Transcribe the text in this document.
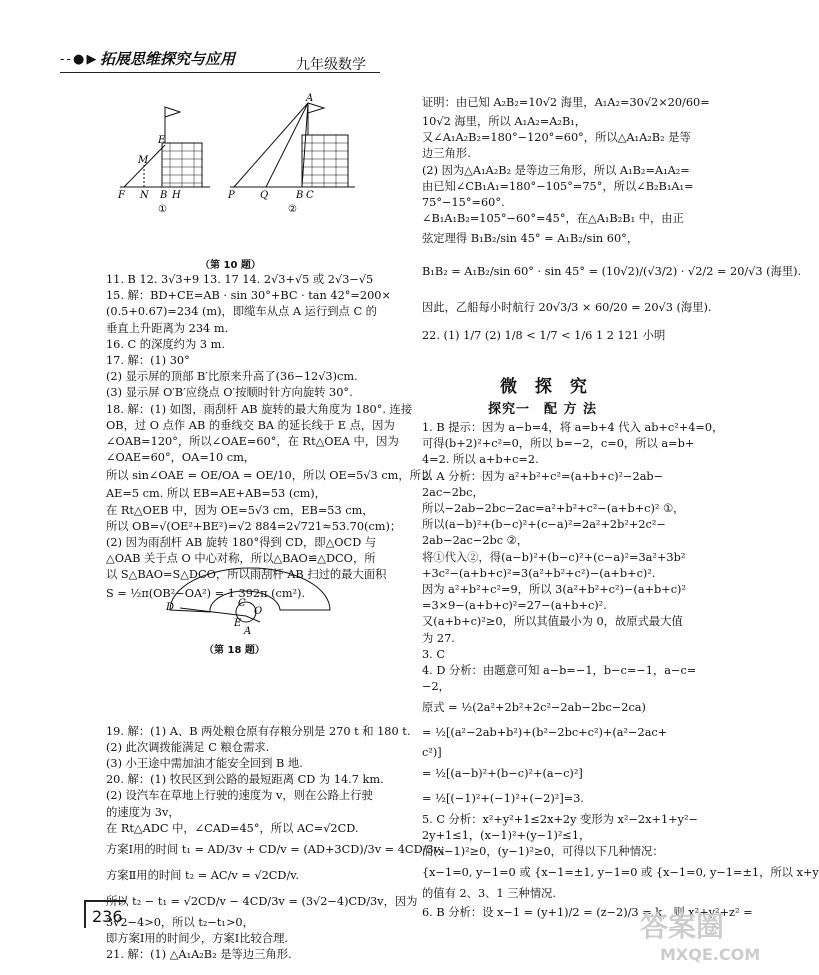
- - ● ▶ 拓展思维探究与应用	九年级数学
E
M
F N B H
①
A
P	Q	B C
②
（第 10 题）

11. B 12. 3√3+9 13. 17 14. 2√3+√5 或 2√3−√5

15. 解：BD+CE=AB · sin 30°+BC · tan 42°=200×

(0.5+0.67)=234 (m)，即缆车从点 A 运行到点 C 的

垂直上升距离为 234 m.

16. C 的深度约为 3 m.

17. 解：(1) 30°

(2) 显示屏的顶部 B′比原来升高了(36−12√3)cm.

(3) 显示屏 O′B′应绕点 O′按顺时针方向旋转 30°.

18. 解：(1) 如图，雨刮杆 AB 旋转的最大角度为 180°. 连接

OB，过 O 点作 AB 的垂线交 BA 的延长线于 E 点，因为

∠OAB=120°，所以∠OAE=60°，在 Rt△OEA 中，因为

∠OAE=60°，OA=10 cm，

所以 sin∠OAE = OE/OA = OE/10，所以 OE=5√3 cm，所以

AE=5 cm. 所以 EB=AE+AB=53 (cm)，

在 Rt△OEB 中，因为 OE=5√3 cm，EB=53 cm，

所以 OB=√(OE²+BE²)=√2 884=2√721≈53.70(cm)；

(2) 因为雨刮杆 AB 旋转 180°得到 CD，即△OCD 与

△OAB 关于点 O 中心对称，所以△BAO≌△DCO，所

以 S△BAO=S△DCO，所以雨刮杆 AB 扫过的最大面积

S = ½π(OB²−OA²) = 1 392π (cm²).

19. 解：(1) A、B 两处粮仓原有存粮分别是 270 t 和 180 t.

(2) 此次调拨能满足 C 粮仓需求.

(3) 小王途中需加油才能安全回到 B 地.

20. 解：(1) 牧民区到公路的最短距离 CD 为 14.7 km.

(2) 设汽车在草地上行驶的速度为 v，则在公路上行驶

的速度为 3v，

在 Rt△ADC 中，∠CAD=45°，所以 AC=√2CD.

方案Ⅰ用的时间 t₁ = AD/3v + CD/v = (AD+3CD)/3v = 4CD/3v；

方案Ⅱ用的时间 t₂ = AC/v = √2CD/v.

所以 t₂ − t₁ = √2CD/v − 4CD/3v = (3√2−4)CD/3v，因为

3√2−4>0，所以 t₂−t₁>0，

即方案Ⅰ用的时间少，方案Ⅰ比较合理.

21. 解：(1) △A₁A₂B₂ 是等边三角形.

D	C
O
E
A
（第 18 题）

证明：由已知 A₂B₂=10√2 海里，A₁A₂=30√2×20/60=

10√2 海里，所以 A₁A₂=A₂B₁，

又∠A₁A₂B₂=180°−120°=60°，所以△A₁A₂B₂ 是等

边三角形.

(2) 因为△A₁A₂B₂ 是等边三角形，所以 A₁B₂=A₁A₂=

由已知∠CB₁A₁=180°−105°=75°，所以∠B₂B₁A₁=

75°−15°=60°.

∠B₁A₁B₂=105°−60°=45°，在△A₁B₂B₁ 中，由正

弦定理得 B₁B₂/sin 45° = A₁B₂/sin 60°，

B₁B₂ = A₁B₂/sin 60° · sin 45° = (10√2)/(√3/2) · √2/2 = 20/√3 (海里).

因此，乙船每小时航行 20√3/3 × 60/20 = 20√3 (海里).

22. (1) 1/7 (2) 1/8 < 1/7 < 1/6 1 2 121 小明

微 探 究
探究一　配 方 法

1. B 提示：因为 a−b=4，将 a=b+4 代入 ab+c²+4=0，

可得(b+2)²+c²=0，所以 b=−2，c=0，所以 a=b+

4=2. 所以 a+b+c=2.

2. A 分析：因为 a²+b²+c²=(a+b+c)²−2ab−

2ac−2bc，

所以−2ab−2bc−2ac=a²+b²+c²−(a+b+c)² ①，

所以(a−b)²+(b−c)²+(c−a)²=2a²+2b²+2c²−

2ab−2ac−2bc ②，

将①代入②，得(a−b)²+(b−c)²+(c−a)²=3a²+3b²

+3c²−(a+b+c)²=3(a²+b²+c²)−(a+b+c)².

因为 a²+b²+c²=9，所以 3(a²+b²+c²)−(a+b+c)²

=3×9−(a+b+c)²=27−(a+b+c)².

又(a+b+c)²≥0，所以其值最小为 0，故原式最大值

为 27.

3. C

4. D 分析：由题意可知 a−b=−1，b−c=−1，a−c=

−2，

原式 = ½(2a²+2b²+2c²−2ab−2bc−2ca)

= ½[(a²−2ab+b²)+(b²−2bc+c²)+(a²−2ac+

c²)]

= ½[(a−b)²+(b−c)²+(a−c)²]

= ½[(−1)²+(−1)²+(−2)²]=3.

5. C 分析：x²+y²+1≤2x+2y 变形为 x²−2x+1+y²−

2y+1≤1，(x−1)²+(y−1)²≤1，

而(x−1)²≥0，(y−1)²≥0，可得以下几种情况：

{x−1=0, y−1=0 或 {x−1=±1, y−1=0 或 {x−1=0, y−1=±1，所以 x+y

的值有 2、3、1 三种情况.

6. B 分析：设 x−1 = (y+1)/2 = (z−2)/3 = k，则 x²+y²+z² =

236	答案圈
MXQE.COM
